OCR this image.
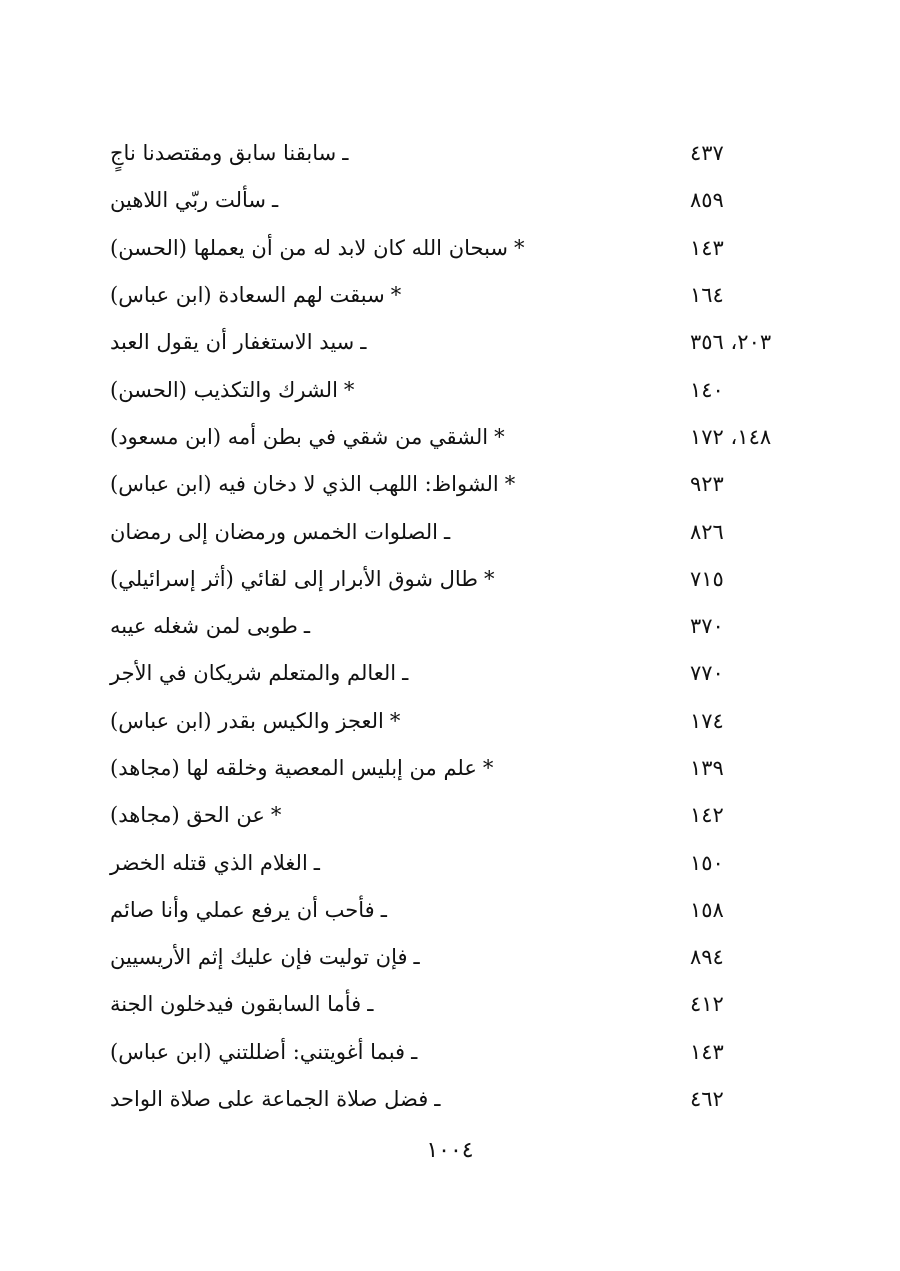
ـسابقنا سابق ومقتصدنا ناجٍ	٤٣٧
ـسألت ربّي اللاهين	٨٥٩
*سبحان الله كان لابد له من أن يعملها (الحسن)	١٤٣
*سبقت لهم السعادة (ابن عباس)	١٦٤
ـسيد الاستغفار أن يقول العبد	٢٠٣، ٣٥٦
*الشرك والتكذيب (الحسن)	١٤٠
*الشقي من شقي في بطن أمه (ابن مسعود)	١٤٨، ١٧٢
*الشواظ: اللهب الذي لا دخان فيه (ابن عباس)	٩٢٣
ـالصلوات الخمس ورمضان إلى رمضان	٨٢٦
*طال شوق الأبرار إلى لقائي (أثر إسرائيلي)	٧١٥
ـطوبى لمن شغله عيبه	٣٧٠
ـالعالم والمتعلم شريكان في الأجر	٧٧٠
*العجز والكيس بقدر (ابن عباس)	١٧٤
*علم من إبليس المعصية وخلقه لها (مجاهد)	١٣٩
*عن الحق (مجاهد)	١٤٢
ـالغلام الذي قتله الخضر	١٥٠
ـفأحب أن يرفع عملي وأنا صائم	١٥٨
ـفإن توليت فإن عليك إثم الأريسيين	٨٩٤
ـفأما السابقون فيدخلون الجنة	٤١٢
ـفبما أغويتني: أضللتني (ابن عباس)	١٤٣
ـفضل صلاة الجماعة على صلاة الواحد	٤٦٢
١٠٠٤
